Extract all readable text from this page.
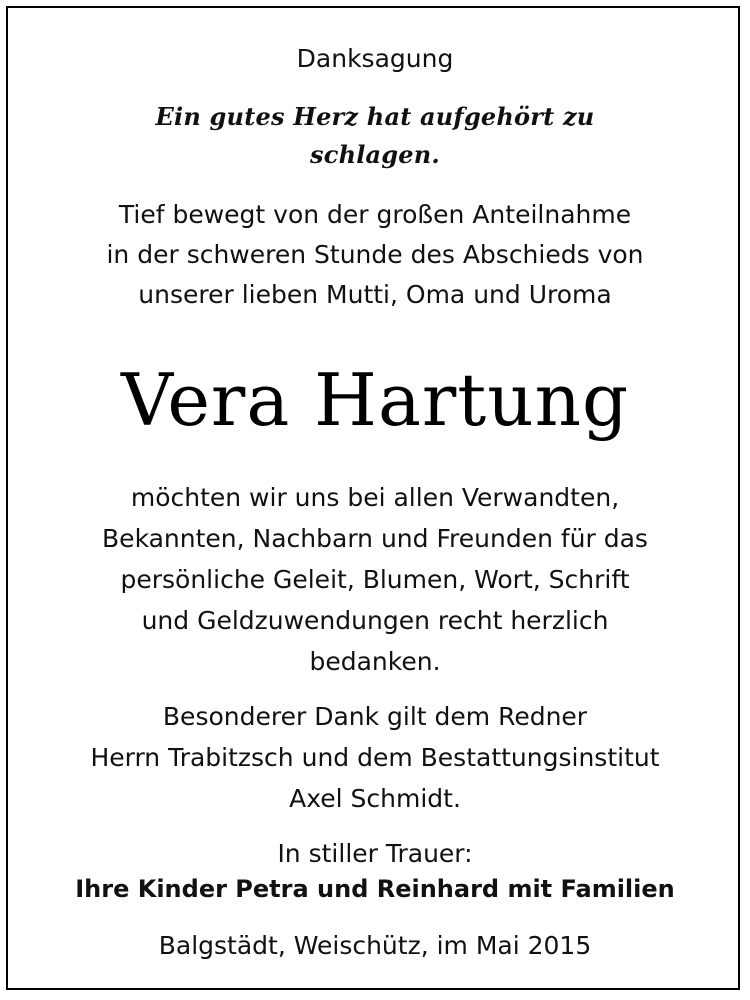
Danksagung
Ein gutes Herz hat aufgehört zu
schlagen.
Tief bewegt von der großen Anteilnahme
in der schweren Stunde des Abschieds von
unserer lieben Mutti, Oma und Uroma
Vera Hartung
möchten wir uns bei allen Verwandten,
Bekannten, Nachbarn und Freunden für das
persönliche Geleit, Blumen, Wort, Schrift
und Geldzuwendungen recht herzlich
bedanken.
Besonderer Dank gilt dem Redner
Herrn Trabitzsch und dem Bestattungsinstitut
Axel Schmidt.
In stiller Trauer:
Ihre Kinder Petra und Reinhard mit Familien
Balgstädt, Weischütz, im Mai 2015
